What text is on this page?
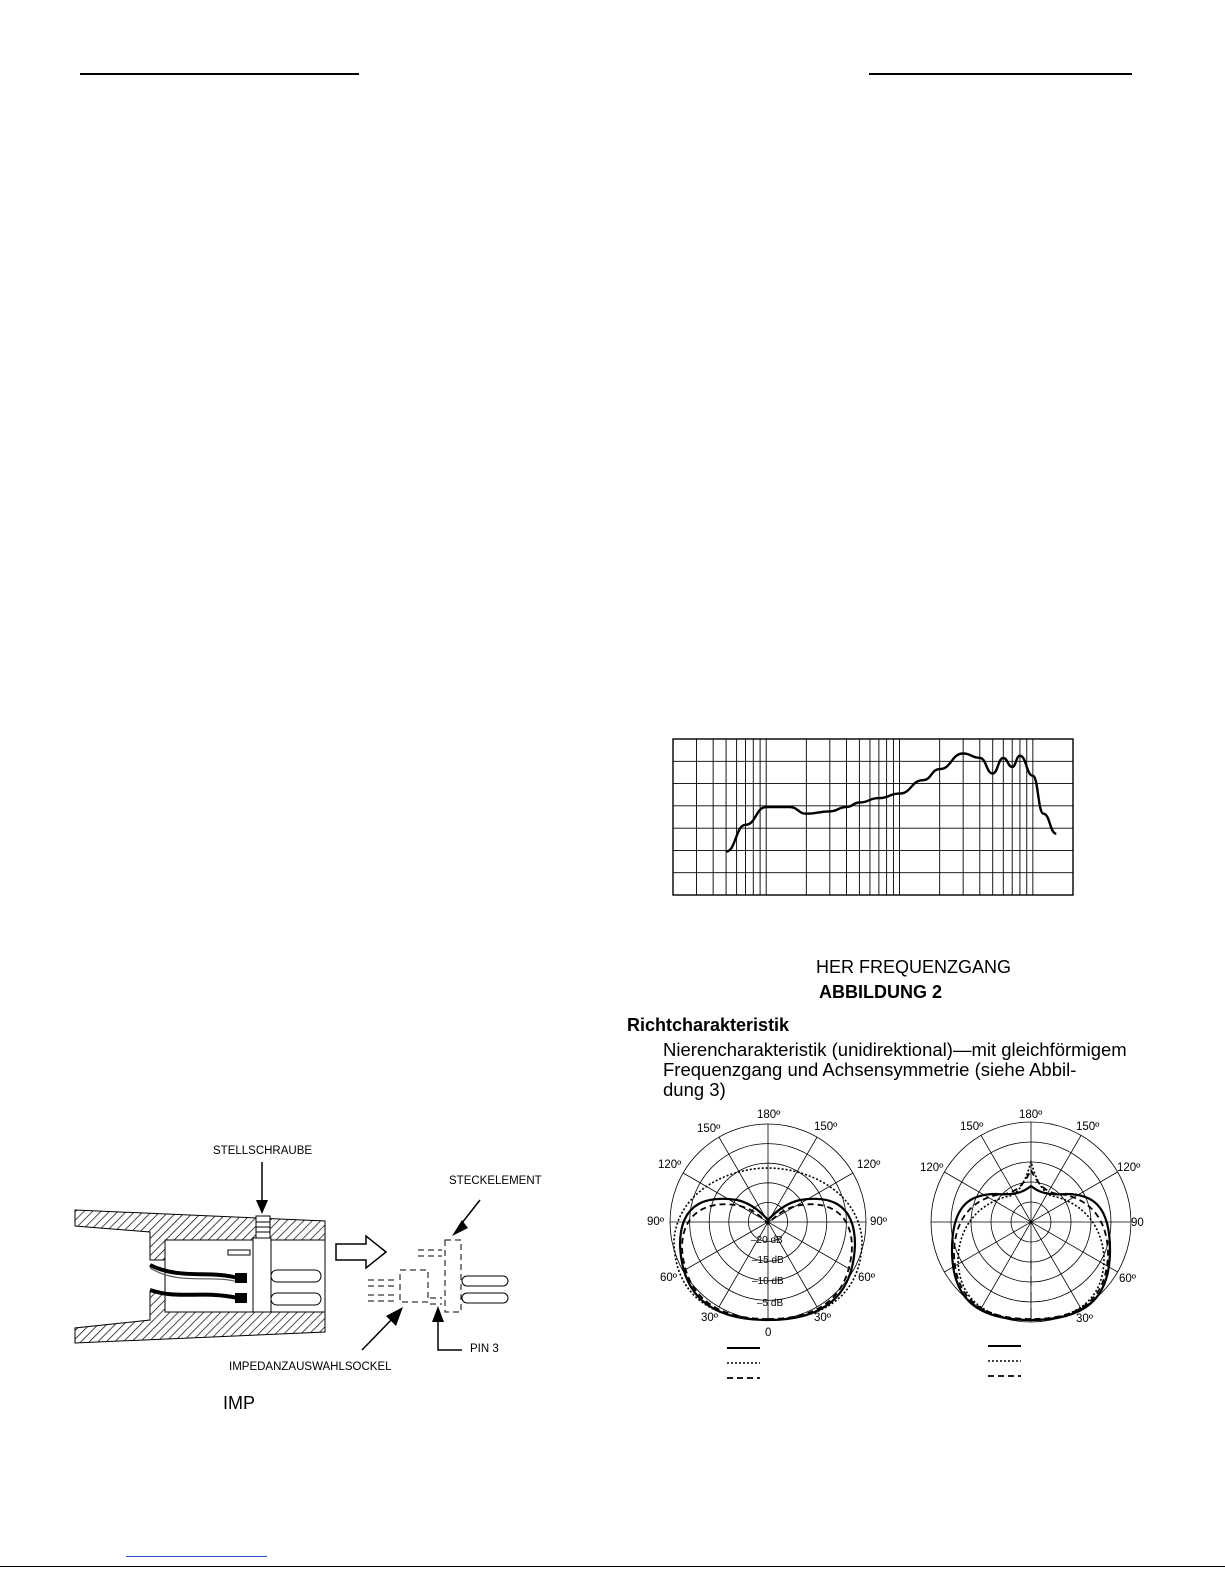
STELLSCHRAUBE
STECKELEMENT
IMPEDANZAUSWAHLSOCKEL
PIN 3
IMP
HER FREQUENZGANG
ABBILDUNG 2
Richtcharakteristik
Nierencharakteristik (unidirektional)—mit gleichförmigem
Frequenzgang und Achsensymmetrie (siehe Abbil-
dung 3)
180º
150º	150º
120º	120º
90º	90º
60º	60º
30º	30º
0
–20 dB
–15 dB
–10 dB
–5 dB
180º
150º	150º
120º	120º
90
60º
30º
